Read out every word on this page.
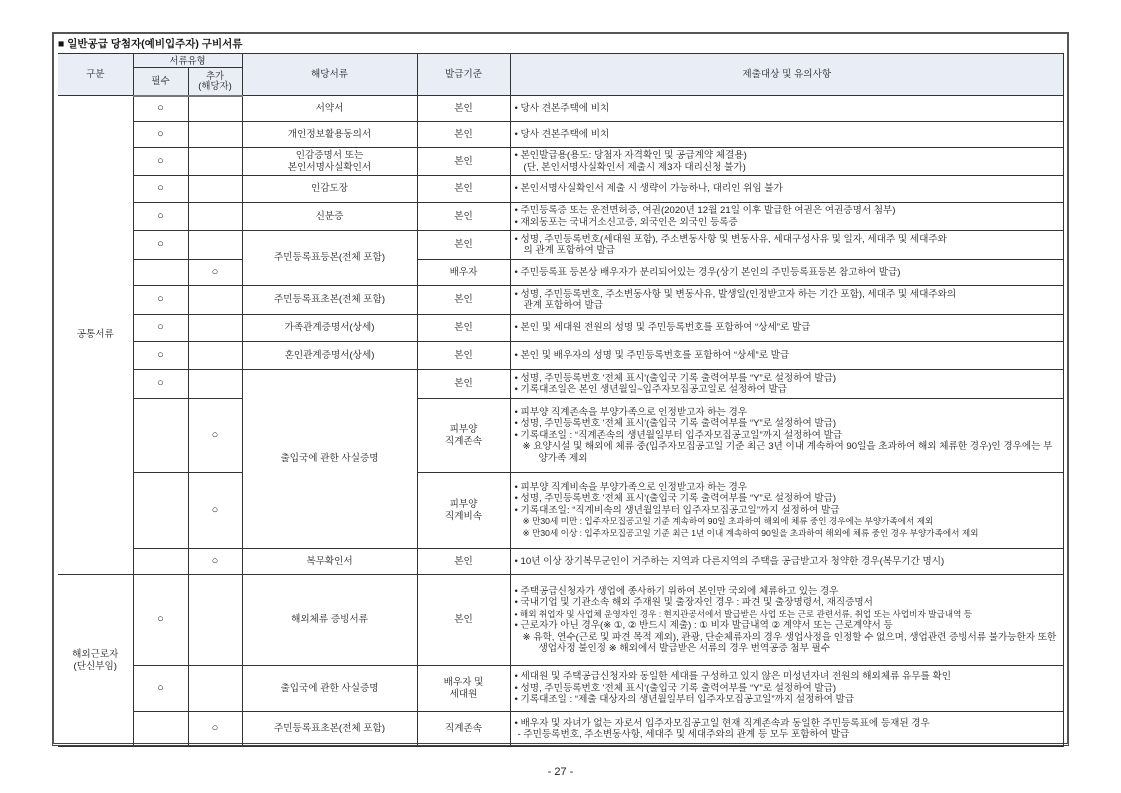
■ 일반공급 당첨자(예비입주자) 구비서류
구분	서류유형		해당서류	발급기준	제출대상 및 유의사항
	필수	추가
(해당자)			
공통서류	○		서약서	본인	• 당사 견본주택에 비치

	○		개인정보활용동의서	본인	• 당사 견본주택에 비치

	○		인감증명서 또는
본인서명사실확인서	본인	• 본인발급용(용도: 당첨자 자격확인 및 공급계약 체결용)
(단, 본인서명사실확인서 제출시 제3자 대리신청 불가)

	○		인감도장	본인	• 본인서명사실확인서 제출 시 생략이 가능하나, 대리인 위임 불가

	○		신분증	본인	• 주민등록증 또는 운전면허증, 여권(2020년 12월 21일 이후 발급한 여권은 여권증명서 첨부)
• 재외동포는 국내거소신고증, 외국인은 외국인 등록증

	○		주민등록표등본(전체 포함)	본인	• 성명, 주민등록번호(세대원 포함), 주소변동사항 및 변동사유, 세대구성사유 및 일자, 세대주 및 세대주와의 관계 포함하여 발급

		○		배우자	• 주민등록표 등본상 배우자가 분리되어있는 경우(상기 본인의 주민등록표등본 참고하여 발급)

	○		주민등록표초본(전체 포함)	본인	• 성명, 주민등록번호, 주소변동사항 및 변동사유, 발생일(인정받고자 하는 기간 포함), 세대주 및 세대주와의 관계 포함하여 발급

	○		가족관계증명서(상세)	본인	• 본인 및 세대원 전원의 성명 및 주민등록번호를 포함하여 “상세”로 발급

	○		혼인관계증명서(상세)	본인	• 본인 및 배우자의 성명 및 주민등록번호를 포함하여 “상세”로 발급

	○		출입국에 관한 사실증명	본인	• 성명, 주민등록번호 '전체 표시'(출입국 기록 출력여부를 “Y”로 설정하여 발급)
• 기록대조일은 본인 생년월일~입주자모집공고일로 설정하여 발급

		○		피부양
직계존속	• 피부양 직계존속을 부양가족으로 인정받고자 하는 경우
• 성명, 주민등록번호 '전체 표시'(출입국 기록 출력여부를 “Y”로 설정하여 발급)
• 기록대조일 : “직계존속의 생년월일부터 입주자모집공고일”까지 설정하여 발급
※ 요양시설 및 해외에 체류 중(입주자모집공고일 기준 최근 3년 이내 계속하여 90일을 초과하여 해외 체류한 경우)인 경우에는 부양가족 제외

		○		피부양
직계비속	• 피부양 직계비속을 부양가족으로 인정받고자 하는 경우
• 성명, 주민등록번호 '전체 표시'(출입국 기록 출력여부를 “Y”로 설정하여 발급)
• 기록대조일: “직계비속의 생년월일부터 입주자모집공고일”까지 설정하여 발급
※ 만30세 미만 : 입주자모집공고일 기준 계속하여 90일 초과하여 해외에 체류 중인 경우에는 부양가족에서 제외
※ 만30세 이상 : 입주자모집공고일 기준 최근 1년 이내 계속하여 90일을 초과하여 해외에 체류 중인 경우 부양가족에서 제외

		○	복무확인서	본인	• 10년 이상 장기복무군인이 거주하는 지역과 다른지역의 주택을 공급받고자 청약한 경우(복무기간 명시)

해외근로자
(단신부임)	○		해외체류 증빙서류	본인	• 주택공급신청자가 생업에 종사하기 위하여 본인만 국외에 체류하고 있는 경우
• 국내기업 및 기관소속 해외 주재원 및 출장자인 경우 : 파견 및 출장명령서, 재직증명서
• 해외 취업자 및 사업체 운영자인 경우 : 현지관공서에서 발급받은 사업 또는 근로 관련서류, 취업 또는 사업비자 발급내역 등
• 근로자가 아닌 경우(※ ①, ② 반드시 제출) : ① 비자 발급내역 ② 계약서 또는 근로계약서 등
※ 유학, 연수(근로 및 파견 목적 제외), 관광, 단순체류자의 경우 생업사정을 인정할 수 없으며, 생업관련 증빙서류 불가능한자 또한 생업사정 불인정 ※ 해외에서 발급받은 서류의 경우 번역공증 첨부 필수

	○		출입국에 관한 사실증명	배우자 및
세대원	• 세대원 및 주택공급신청자와 동일한 세대를 구성하고 있지 않은 미성년자녀 전원의 해외체류 유무를 확인
• 성명, 주민등록번호 '전체 표시'(출입국 기록 출력여부를 “Y”로 설정하여 발급)
• 기록대조일 : “제출 대상자의 생년월일부터 입주자모집공고일”까지 설정하여 발급

		○	주민등록표초본(전체 포함)	직계존속	• 배우자 및 자녀가 없는 자로서 입주자모집공고일 현재 직계존속과 동일한 주민등록표에 등재된 경우
- 주민등록번호, 주소변동사항, 세대주 및 세대주와의 관계 등 모두 포함하여 발급
- 27 -
